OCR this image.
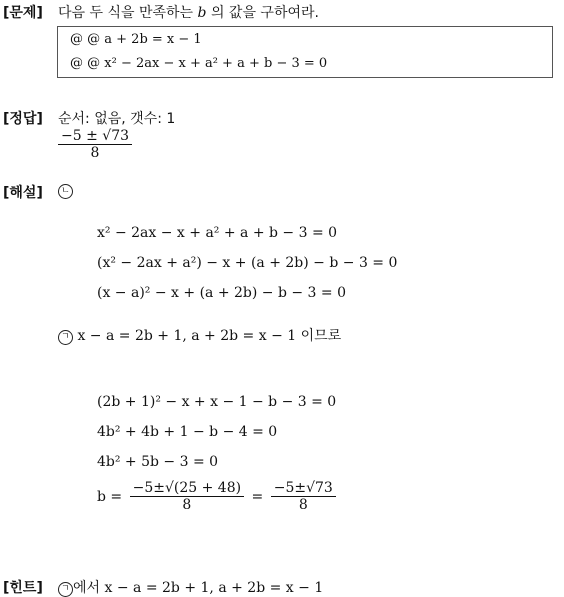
[문제] 다음 두 식을 만족하는 b 의 값을 구하여라.
@ @ a + 2b = x − 1
@ @ x² − 2ax − x + a² + a + b − 3 = 0
[정답] 순서: 없음, 갯수: 1
$\frac{-5 \pm √73}{8}$
[해설]	ㄴ
x² − 2ax − x + a² + a + b − 3 = 0
(x² − 2ax + a²) − x + (a + 2b) − b − 3 = 0
(x − a)² − x + (a + 2b) − b − 3 = 0
ㄱ x − a = 2b + 1, a + 2b = x − 1 이므로
(2b + 1)² − x + x − 1 − b − 3 = 0
4b² + 4b + 1 − b − 4 = 0
4b² + 5b − 3 = 0
$b = \frac{-5\pm√(25 + 48)}{8} = \frac{-5\pm√73}{8}$
[힌트]	ㄱ 에서 x − a = 2b + 1, a + 2b = x − 1
